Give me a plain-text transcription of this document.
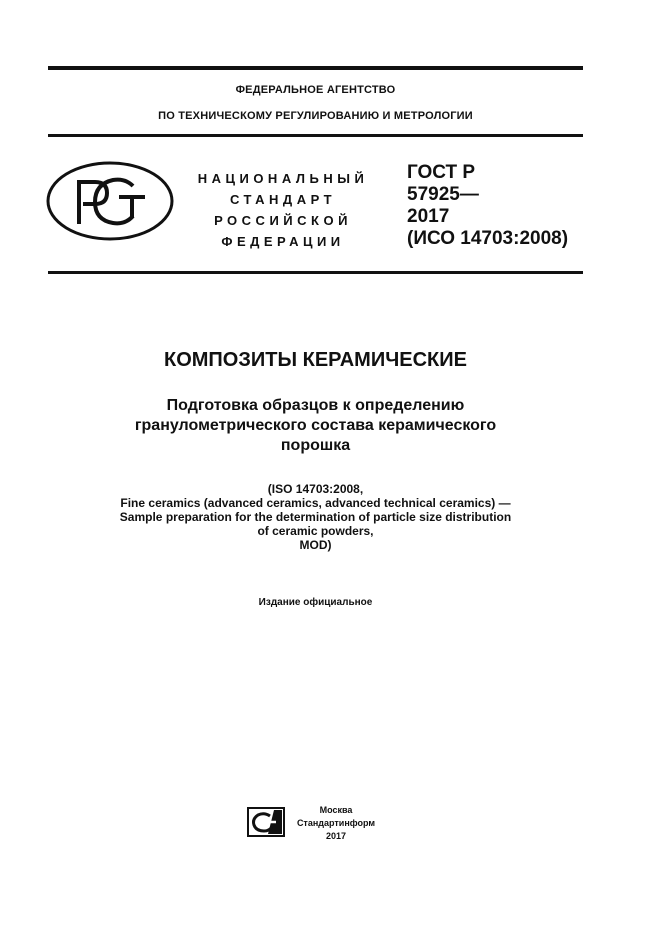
ФЕДЕРАЛЬНОЕ АГЕНТСТВО
ПО ТЕХНИЧЕСКОМУ РЕГУЛИРОВАНИЮ И МЕТРОЛОГИИ
НАЦИОНАЛЬНЫЙ
СТАНДАРТ
РОССИЙСКОЙ
ФЕДЕРАЦИИ
ГОСТ Р
57925—
2017
(ИСО 14703:2008)
КОМПОЗИТЫ КЕРАМИЧЕСКИЕ
Подготовка образцов к определению
гранулометрического состава керамического
порошка
(ISO 14703:2008,
Fine ceramics (advanced ceramics, advanced technical ceramics) —
Sample preparation for the determination of particle size distribution
of ceramic powders,
MOD)
Издание официальное
Москва
Стандартинформ
2017
